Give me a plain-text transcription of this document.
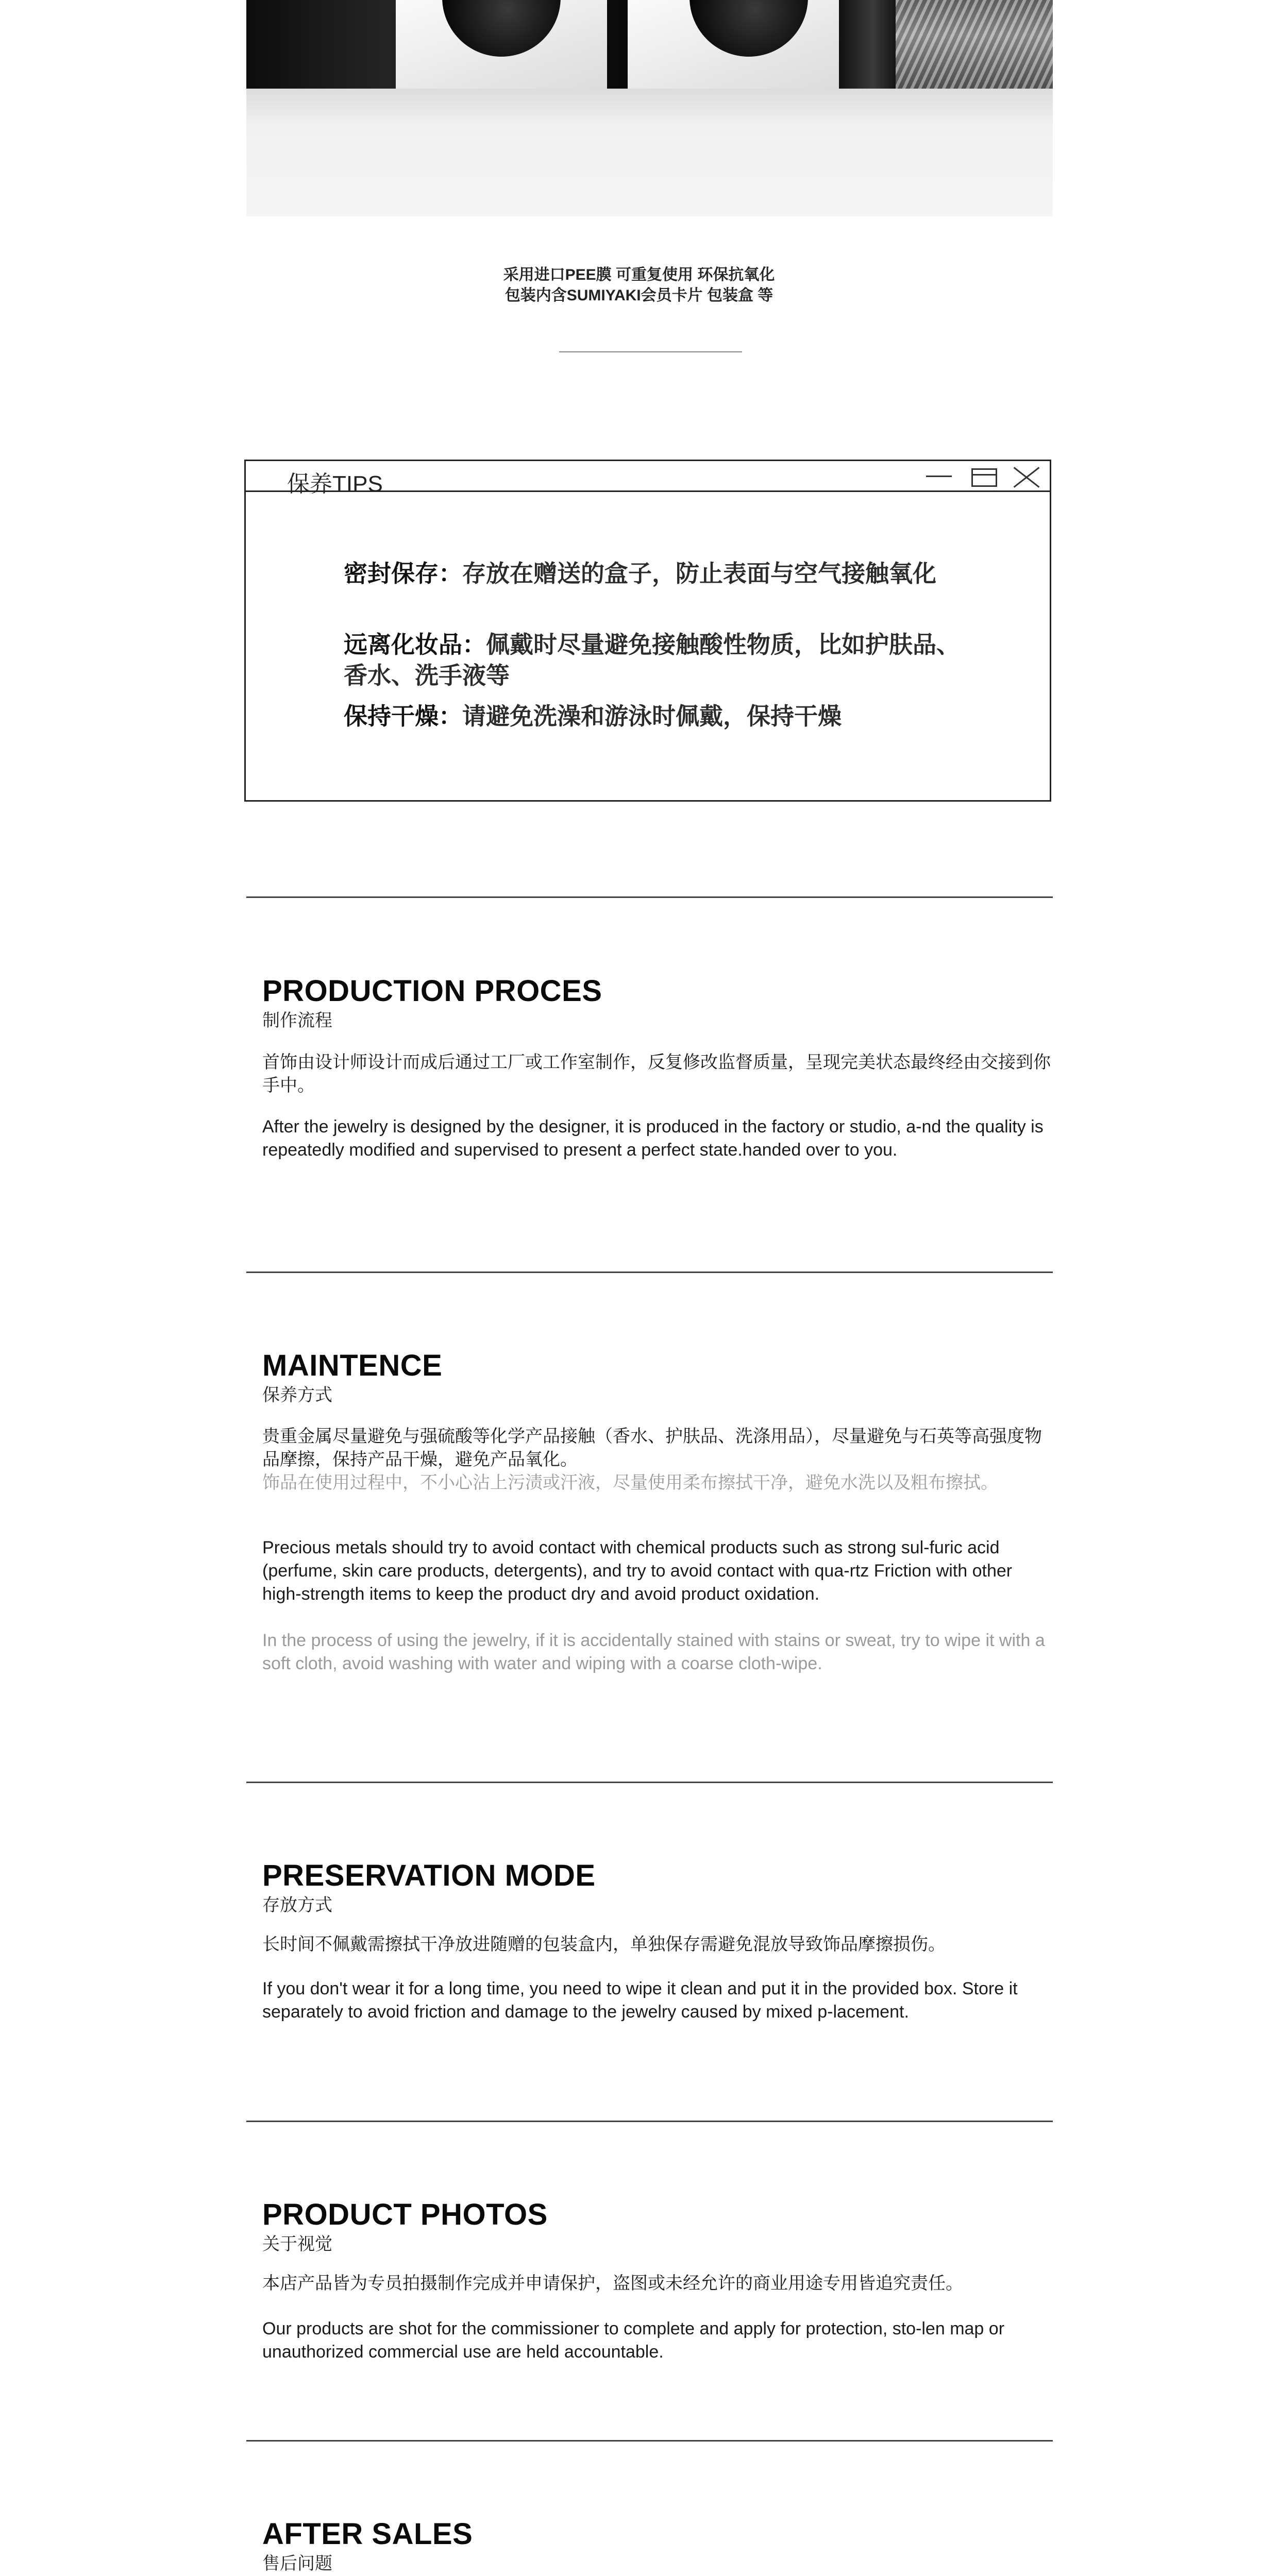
采用进口PEE膜 可重复使用 环保抗氧化
包装内含SUMIYAKI会员卡片 包装盒 等
保养TIPS
密封保存：存放在赠送的盒子，防止表面与空气接触氧化
远离化妆品：佩戴时尽量避免接触酸性物质，比如护肤品、香水、洗手液等
保持干燥：请避免洗澡和游泳时佩戴，保持干燥
PRODUCTION PROCES
制作流程
首饰由设计师设计而成后通过工厂或工作室制作，反复修改监督质量，呈现完美状态最终经由交接到你手中。
After the jewelry is designed by the designer, it is produced in the factory or studio, a-nd the quality is repeatedly modified and supervised to present a perfect state.handed over to you.
MAINTENCE
保养方式
贵重金属尽量避免与强硫酸等化学产品接触（香水、护肤品、洗涤用品），尽量避免与石英等高强度物品摩擦，保持产品干燥，避免产品氧化。
饰品在使用过程中，不小心沾上污渍或汗液，尽量使用柔布擦拭干净，避免水洗以及粗布擦拭。
Precious metals should try to avoid contact with chemical products such as strong sul-furic acid (perfume, skin care products, detergents), and try to avoid contact with qua-rtz Friction with other high-strength items to keep the product dry and avoid product oxidation.
In the process of using the jewelry, if it is accidentally stained with stains or sweat, try to wipe it with a soft cloth, avoid washing with water and wiping with a coarse cloth-wipe.
PRESERVATION MODE
存放方式
长时间不佩戴需擦拭干净放进随赠的包装盒内，单独保存需避免混放导致饰品摩擦损伤。
If you don't wear it for a long time, you need to wipe it clean and put it in the provided box. Store it separately to avoid friction and damage to the jewelry caused by mixed p-lacement.
PRODUCT PHOTOS
关于视觉
本店产品皆为专员拍摄制作完成并申请保护，盗图或未经允许的商业用途专用皆追究责任。
Our products are shot for the commissioner to complete and apply for protection, sto-len map or unauthorized commercial use are held accountable.
AFTER SALES
售后问题
